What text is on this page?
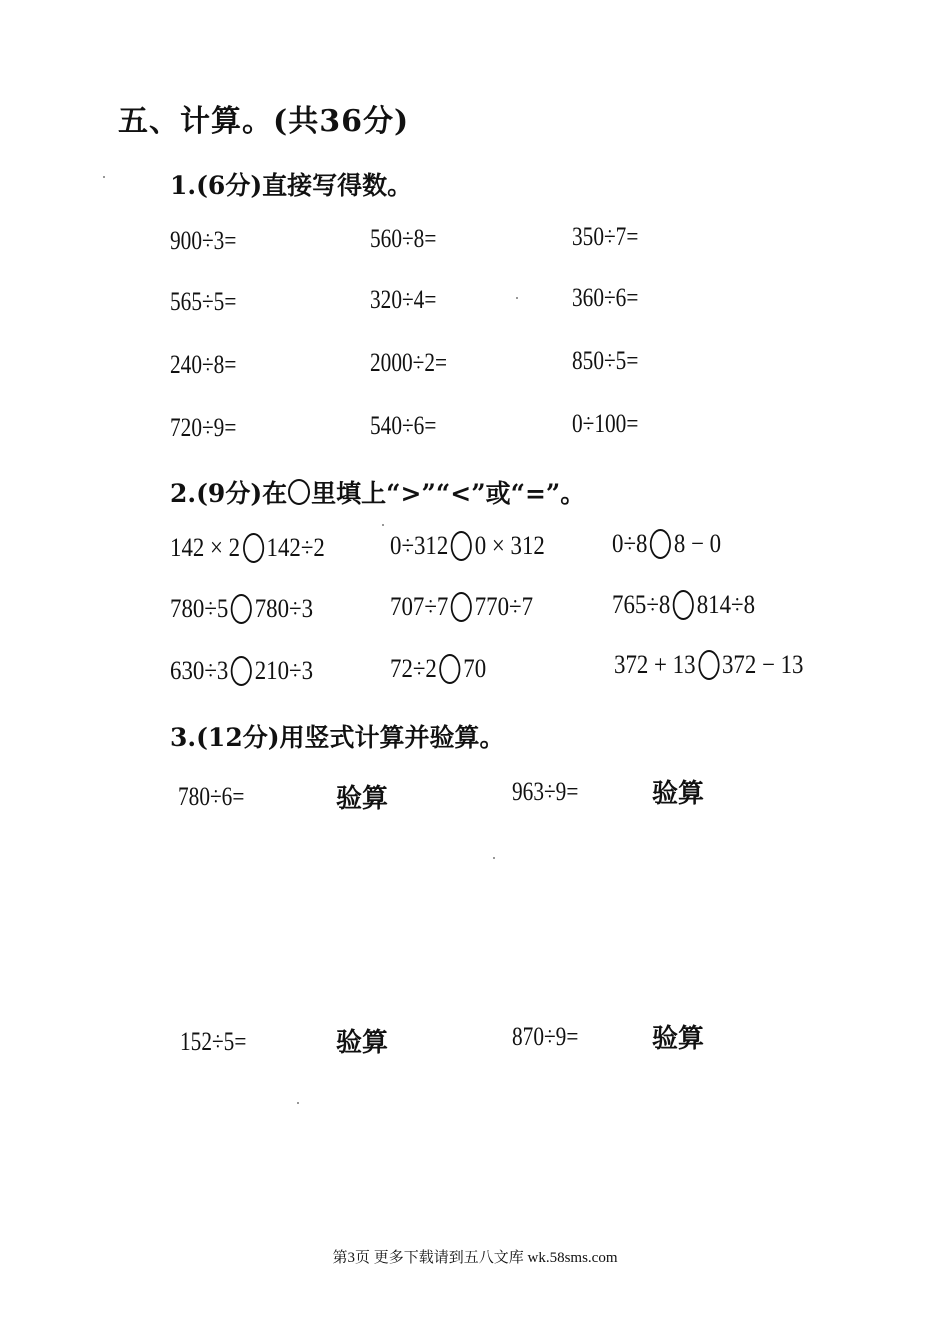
五、计算。(共36分)
1.(6分)直接写得数。
900÷3=	560÷8=	350÷7=
565÷5=	320÷4=	360÷6=
240÷8=	2000÷2=	850÷5=
720÷9=	540÷6=	0÷100=
2.(9分)在 里填上“>”“<”或“=”。
142 × 2 142÷2	0÷312 0 × 312	0÷8 8 − 0
780÷5 780÷3	707÷7 770÷7	765÷8 814÷8
630÷3 210÷3	72÷2 70	372 + 13 372 − 13
3.(12分)用竖式计算并验算。
780÷6=	验算	963÷9=	验算
152÷5=	验算	870÷9=	验算
第3页 更多下载请到五八文库 wk.58sms.com
